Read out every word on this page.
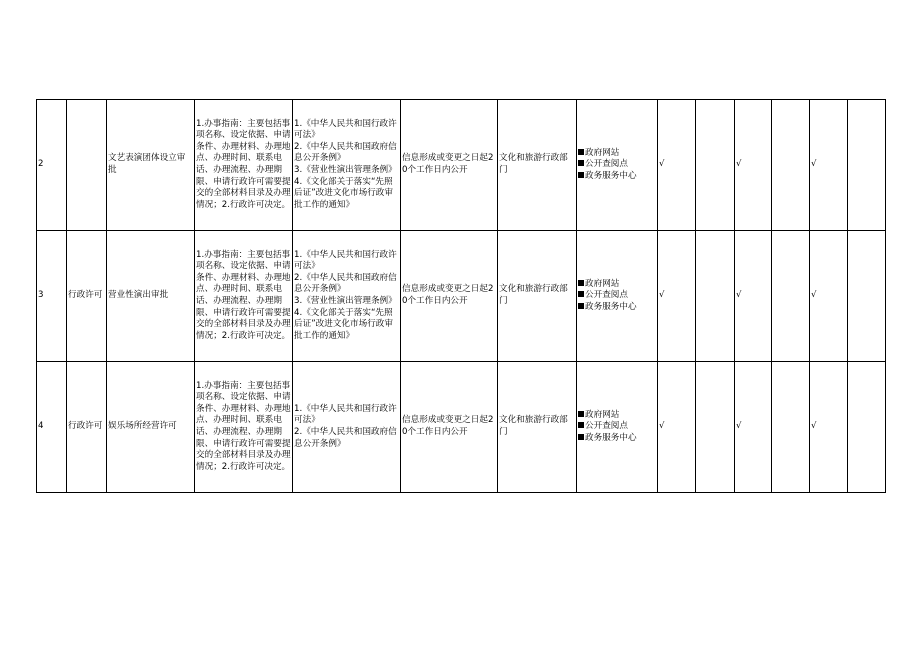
2		文艺表演团体设立审批	1.办事指南：主要包括事项名称、设定依据、申请条件、办理材料、办理地点、办理时间、联系电话、办理流程、办理期限、申请行政许可需要提交的全部材料目录及办理情况；2.行政许可决定。	1.《中华人民共和国行政许可法》
2.《中华人民共和国政府信息公开条例》
3.《营业性演出管理条例》
4.《文化部关于落实“先照后证”改进文化市场行政审批工作的通知》	信息形成或变更之日起20个工作日内公开	文化和旅游行政部门	政府网站
公开查阅点
政务服务中心	√		√		√	
3	行政许可	营业性演出审批	1.办事指南：主要包括事项名称、设定依据、申请条件、办理材料、办理地点、办理时间、联系电话、办理流程、办理期限、申请行政许可需要提交的全部材料目录及办理情况；2.行政许可决定。	1.《中华人民共和国行政许可法》
2.《中华人民共和国政府信息公开条例》
3.《营业性演出管理条例》
4.《文化部关于落实“先照后证”改进文化市场行政审批工作的通知》	信息形成或变更之日起20个工作日内公开	文化和旅游行政部门	政府网站
公开查阅点
政务服务中心	√		√		√	
4	行政许可	娱乐场所经营许可	1.办事指南：主要包括事项名称、设定依据、申请条件、办理材料、办理地点、办理时间、联系电话、办理流程、办理期限、申请行政许可需要提交的全部材料目录及办理情况；2.行政许可决定。	1.《中华人民共和国行政许可法》
2.《中华人民共和国政府信息公开条例》	信息形成或变更之日起20个工作日内公开	文化和旅游行政部门	政府网站
公开查阅点
政务服务中心	√		√		√	
